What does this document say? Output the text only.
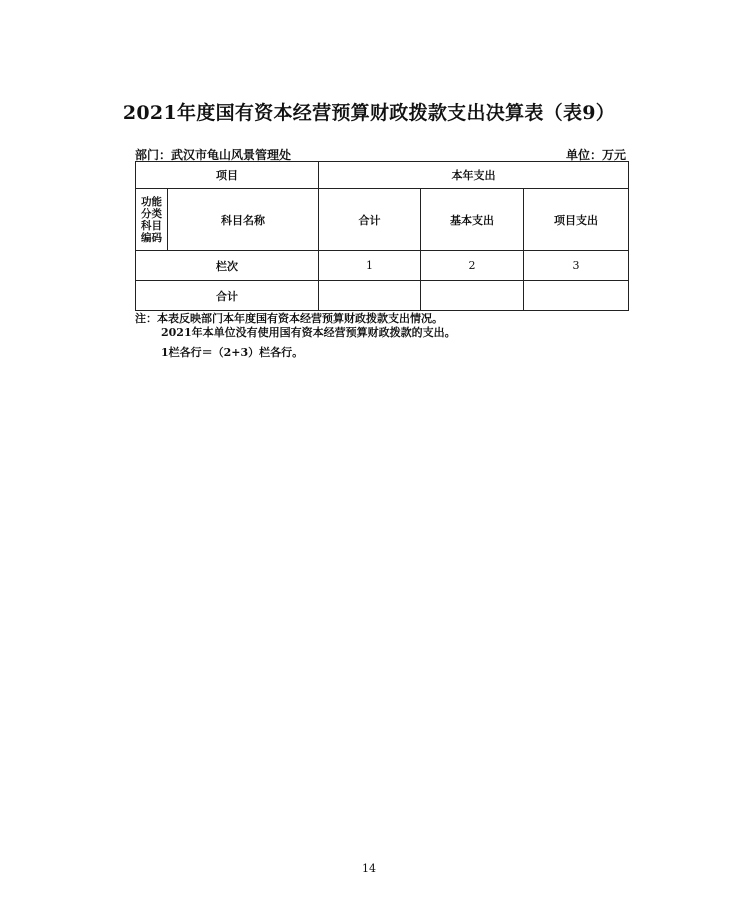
2021年度国有资本经营预算财政拨款支出决算表（表9）
部门：武汉市龟山风景管理处	单位：万元
项目		本年支出		

功能
分类
科目
编码	科目名称	合计	基本支出	项目支出
栏次		1	2	3
合计				
注：本表反映部门本年度国有资本经营预算财政拨款支出情况。
2021年本单位没有使用国有资本经营预算财政拨款的支出。
1栏各行＝（2+3）栏各行。
14
